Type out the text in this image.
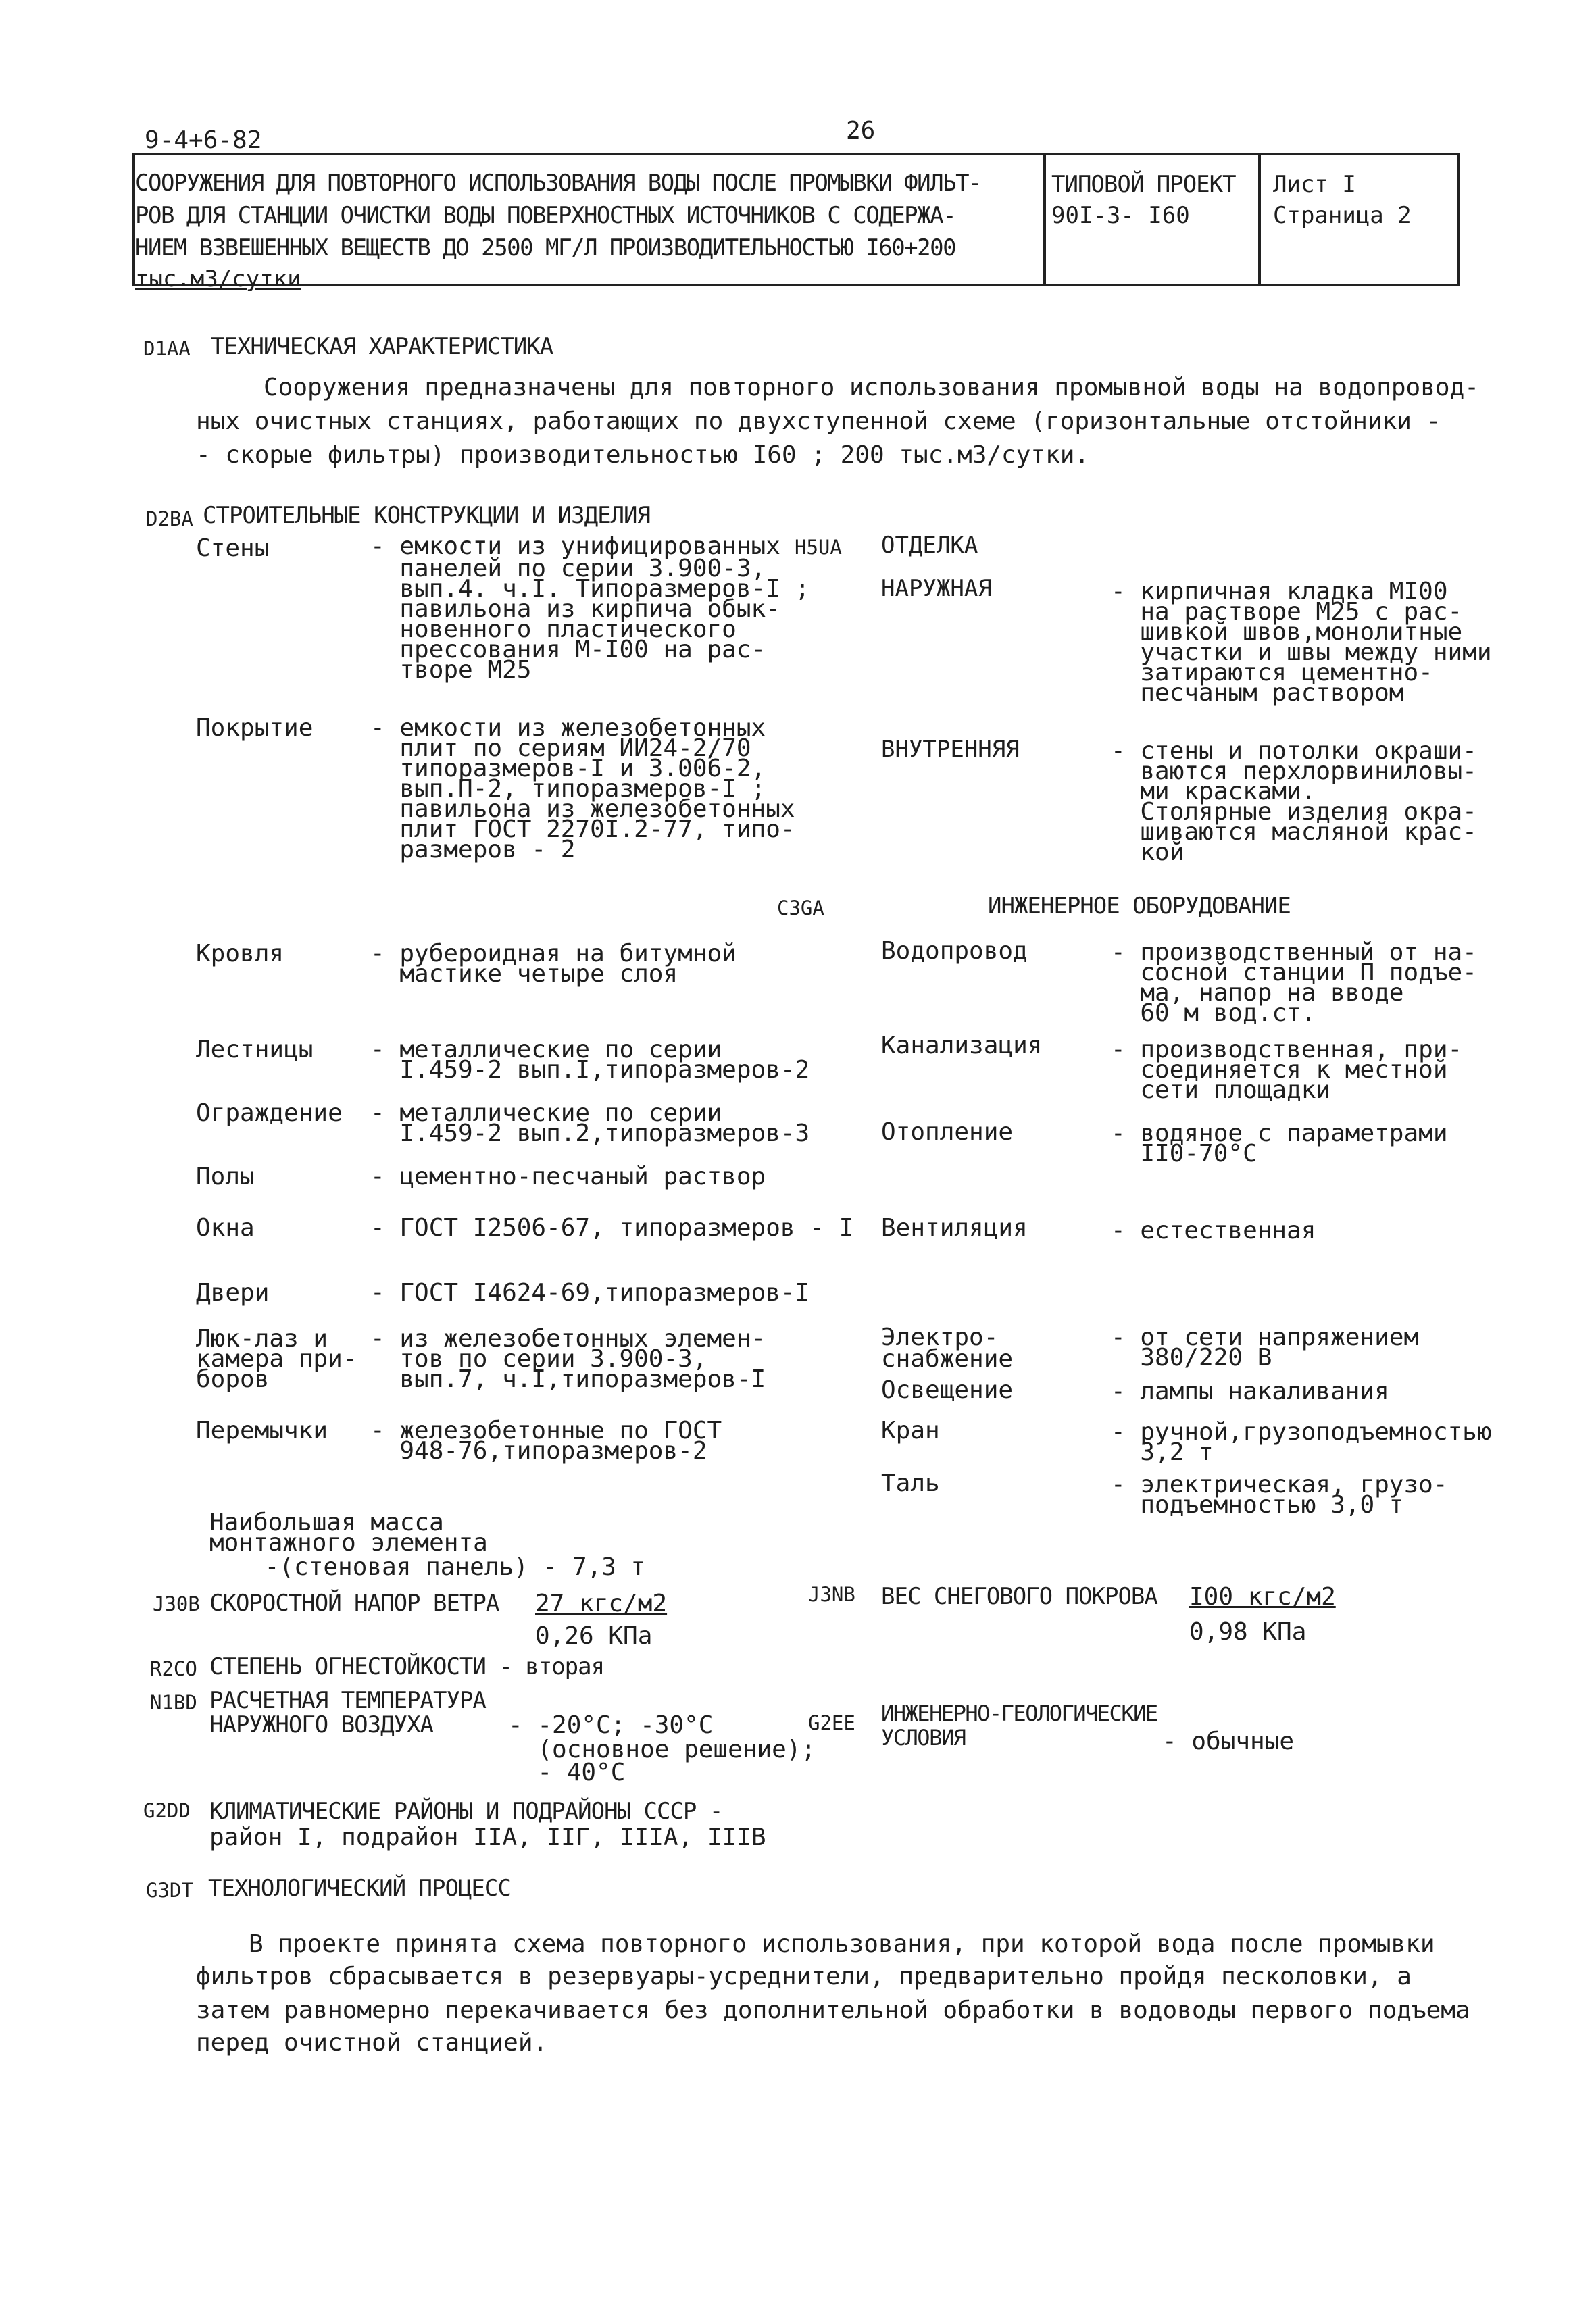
9-4+6-82	26
СООРУЖЕНИЯ ДЛЯ ПОВТОРНОГО ИСПОЛЬЗОВАНИЯ ВОДЫ ПОСЛЕ ПРОМЫВКИ ФИЛЬТ-
РОВ ДЛЯ СТАНЦИИ ОЧИСТКИ ВОДЫ ПОВЕРХНОСТНЫХ ИСТОЧНИКОВ С СОДЕРЖА-
НИЕМ ВЗВЕШЕННЫХ ВЕЩЕСТВ ДО 2500 МГ/Л ПРОИЗВОДИТЕЛЬНОСТЬЮ I60+200
тыс.м3/сутки
ТИПОВОЙ ПРОЕКТ
90I-3- I60
Лист I
Страница 2
D1AA ТЕХНИЧЕСКАЯ ХАРАКТЕРИСТИКА
Сооружения предназначены для повторного использования промывной воды на водопровод-
ных очистных станциях, работающих по двухступенной схеме (горизонтальные отстойники -
- скорые фильтры) производительностью I60 ; 200 тыс.м3/сутки.
D2BA СТРОИТЕЛЬНЫЕ КОНСТРУКЦИИ И ИЗДЕЛИЯ
Стены	- емкости из унифицированных
панелей по серии 3.900-3,
вып.4. ч.I. Типоразмеров-I ;
павильона из кирпича обык-
новенного пластического
прессования М-I00 на рас-
творе М25
Покрытие - емкости из железобетонных
плит по сериям ИИ24-2/70
типоразмеров-I и 3.006-2,
вып.П-2, типоразмеров-I ;
павильона из железобетонных
плит ГОСТ 2270I.2-77, типо-
размеров - 2
Кровля	- рубероидная на битумной
мастике четыре слоя
Лестницы - металлические по серии
I.459-2 вып.I,типоразмеров-2
Ограждение - металлические по серии
I.459-2 вып.2,типоразмеров-3
Полы	- цементно-песчаный раствор
Окна	- ГОСТ I2506-67, типоразмеров - I
Двери	- ГОСТ I4624-69,типоразмеров-I
Люк-лаз и
камера при-
боров
- из железобетонных элемен-
тов по серии 3.900-3,
вып.7, ч.I,типоразмеров-I
Перемычки - железобетонные по ГОСТ
948-76,типоразмеров-2
H5UA ОТДЕЛКА
НАРУЖНАЯ	- кирпичная кладка МI00
на растворе М25 с рас-
шивкой швов,монолитные
участки и швы между ними
затираются цементно-
песчаным раствором
ВНУТРЕННЯЯ	- стены и потолки окраши-
ваются перхлорвиниловы-
ми красками.
Столярные изделия окра-
шиваются масляной крас-
кой
C3GA	ИНЖЕНЕРНОЕ ОБОРУДОВАНИЕ
Водопровод	- производственный от на-
сосной станции П подъе-
ма, напор на вводе
60 м вод.ст.
Канализация	- производственная, при-
соединяется к местной
сети площадки
Отопление	- водяное с параметрами
II0-70°C
Вентиляция	- естественная
Электро-
снабжение
- от сети напряжением
380/220 В
Освещение	- лампы накаливания
Кран	- ручной,грузоподъемностью
3,2 т
Таль	- электрическая, грузо-
подъемностью 3,0 т
Наибольшая масса
монтажного элемента
-(стеновая панель) - 7,3 т
J30B СКОРОСТНОЙ НАПОР ВЕТРА 27 кгс/м2
0,26 КПа
J3NB ВЕС СНЕГОВОГО ПОКРОВА I00 кгс/м2
0,98 КПа
R2CO СТЕПЕНЬ ОГНЕСТОЙКОСТИ - вторая
N1BD РАСЧЕТНАЯ ТЕМПЕРАТУРА
НАРУЖНОГО ВОЗДУХА	- -20°C; -30°C
(основное решение);
- 40°C
G2EE ИНЖЕНЕРНО-ГЕОЛОГИЧЕСКИЕ
УСЛОВИЯ	- обычные
G2DD КЛИМАТИЧЕСКИЕ РАЙОНЫ И ПОДРАЙОНЫ СССР -
район I, подрайон IIА, IIГ, IIIА, IIIВ
G3DT ТЕХНОЛОГИЧЕСКИЙ ПРОЦЕСС
В проекте принята схема повторного использования, при которой вода после промывки
фильтров сбрасывается в резервуары-усреднители, предварительно пройдя песколовки, а
затем равномерно перекачивается без дополнительной обработки в водоводы первого подъема
перед очистной станцией.
